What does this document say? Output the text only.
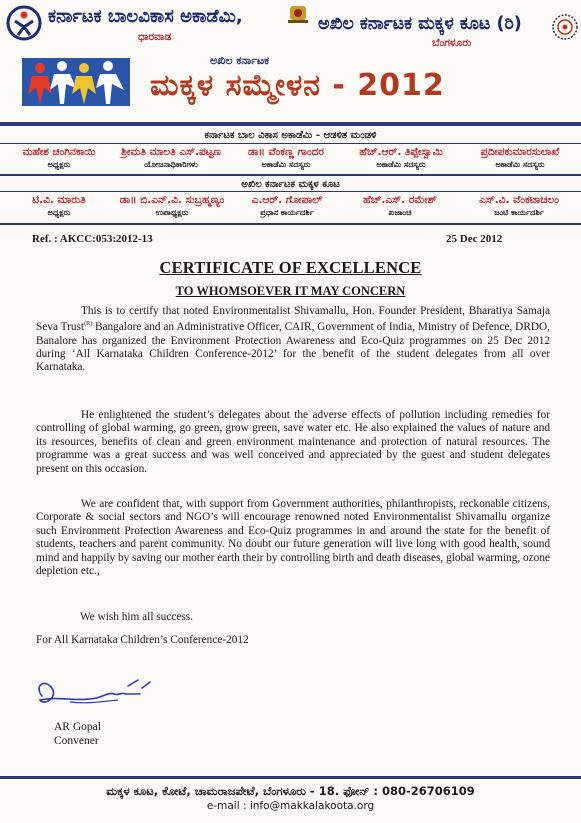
ಕರ್ನಾಟಕ ಬಾಲವಿಕಾಸ ಅಕಾಡೆಮಿ,
ಧಾರವಾಡ
ಅಖಿಲ ಕರ್ನಾಟಕ ಮಕ್ಕಳ ಕೂಟ (ರಿ)
ಬೆಂಗಳೂರು
ಅಖಿಲ ಕರ್ನಾಟಕ
ಮಕ್ಕಳ ಸಮ್ಮೇಳನ - 2012
ಕರ್ನಾಟಕ ಬಾಲ ವಿಕಾಸ ಅಕಾಡೆಮಿ - ಆಡಳಿತ ಮಂಡಳಿ
ಮಹೇಶ ಚಿಂಗಿನಕಾಯಿ
ಅಧ್ಯಕ್ಷರು
ಶ್ರೀಮತಿ ಮಾಲತಿ ಎಸ್.ಪಟ್ಟಣ
ಯೋಜನಾಧಿಕಾರಿಗಳು
ಡಾ॥ ವೆಂಕಣ್ಣ ಗಾಂದರ
ಅಕಾಡೆಮಿ ಸದಸ್ಯರು
ಹೆಚ್.ಆರ್. ತಿಪ್ಪೇಸ್ವಾಮಿ
ಅಕಾಡೆಮಿ ಸದಸ್ಯರು
ಪ್ರದೀಪಕುಮಾರಸುಲಾಖೆ
ಅಕಾಡೆಮಿ ಸದಸ್ಯರು
ಅಖಿಲ ಕರ್ನಾಟಕ ಮಕ್ಕಳ ಕೂಟ
ಟಿ.ವಿ. ಮಾರುತಿ
ಅಧ್ಯಕ್ಷರು
ಡಾ॥ ಬಿ.ಎನ್.ವಿ. ಸುಬ್ರಹ್ಮಣ್ಯಂ
ಉಪಾಧ್ಯಕ್ಷರು
ಎ.ಆರ್. ಗೋಪಾಲ್
ಪ್ರಧಾನ ಕಾರ್ಯದರ್ಶಿ
ಹೆಚ್.ಎಸ್. ರಮೇಶ್
ಖಜಾಂಚಿ
ಎಸ್.ವಿ. ವೆಂಕಟಾಚಲಂ
ಜಂಟಿ ಕಾರ್ಯದರ್ಶಿ
Ref. : AKCC:053:2012-13	25 Dec 2012
CERTIFICATE OF EXCELLENCE
TO WHOMSOEVER IT MAY CONCERN

This is to certify that noted Environmentalist Shivamallu, Hon. Founder President, Bharatiya Samaja Seva Trust$^{(R)}$ Bangalore and an Administrative Officer, CAIR, Government of India, Ministry of Defence, DRDO, Banalore has organized the Environment Protection Awareness and Eco-Quiz programmes on 25 Dec 2012 during ‘All Karnataka Children Conference-2012’ for the benefit of the student delegates from all over Karnataka.

He enlightened the student’s delegates about the adverse effects of pollution including remedies for controlling of global warming, go green, grow green, save water etc. He also explained the values of nature and its resources, benefits of clean and green environment maintenance and protection of natural resources. The programme was a great success and was well conceived and appreciated by the guest and student delegates present on this occasion.

We are confident that, with support from Government authorities, philanthropists, reckonable citizens, Corporate & social sectors and NGO’s will encourage renowned noted Environmentalist Shivamallu organize such Environment Protection Awareness and Eco-Quiz programmes in and around the state for the benefit of students, teachers and parent community. No doubt our future generation will live long with good health, sound mind and happily by saving our mother earth their by controlling birth and death diseases, global warming, ozone depletion etc.,

We wish him all success.
For All Karnataka Children’s Conference-2012
AR Gopal
Convener
ಮಕ್ಕಳ ಕೂಟ, ಕೋಟೆ, ಚಾಮರಾಜಪೇಟೆ, ಬೆಂಗಳೂರು - 18. ಫೋನ್ : 080-26706109
e-mail : info@makkalakoota.org
